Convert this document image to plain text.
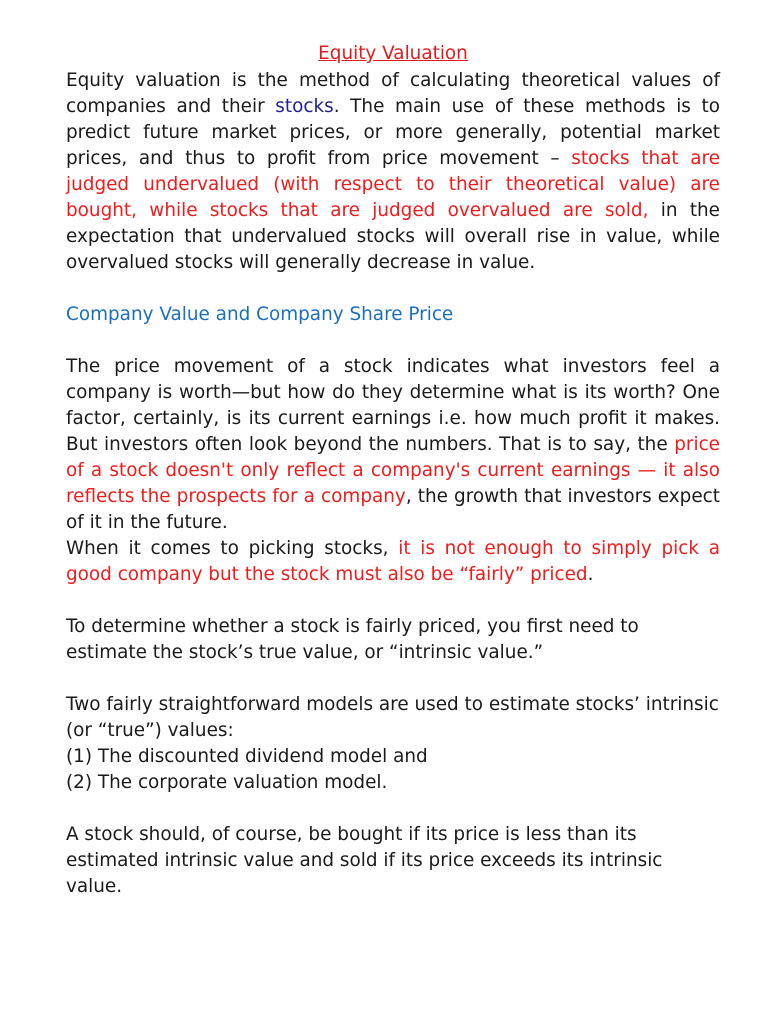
Equity Valuation

Equity valuation is the method of calculating theoretical values of companies and their stocks. The main use of these methods is to predict future market prices, or more generally, potential market prices, and thus to profit from price movement – stocks that are judged undervalued (with respect to their theoretical value) are bought, while stocks that are judged overvalued are sold, in the expectation that undervalued stocks will overall rise in value, while overvalued stocks will generally decrease in value.

Company Value and Company Share Price

The price movement of a stock indicates what investors feel a company is worth—but how do they determine what is its worth? One factor, certainly, is its current earnings i.e. how much profit it makes. But investors often look beyond the numbers. That is to say, the price of a stock doesn't only reflect a company's current earnings — it also reflects the prospects for a company, the growth that investors expect of it in the future.

When it comes to picking stocks, it is not enough to simply pick a good company but the stock must also be “fairly” priced.

To determine whether a stock is fairly priced, you first need to estimate the stock’s true value, or “intrinsic value.”

Two fairly straightforward models are used to estimate stocks’ intrinsic (or “true”) values:

(1) The discounted dividend model and

(2) The corporate valuation model.

A stock should, of course, be bought if its price is less than its estimated intrinsic value and sold if its price exceeds its intrinsic value.
